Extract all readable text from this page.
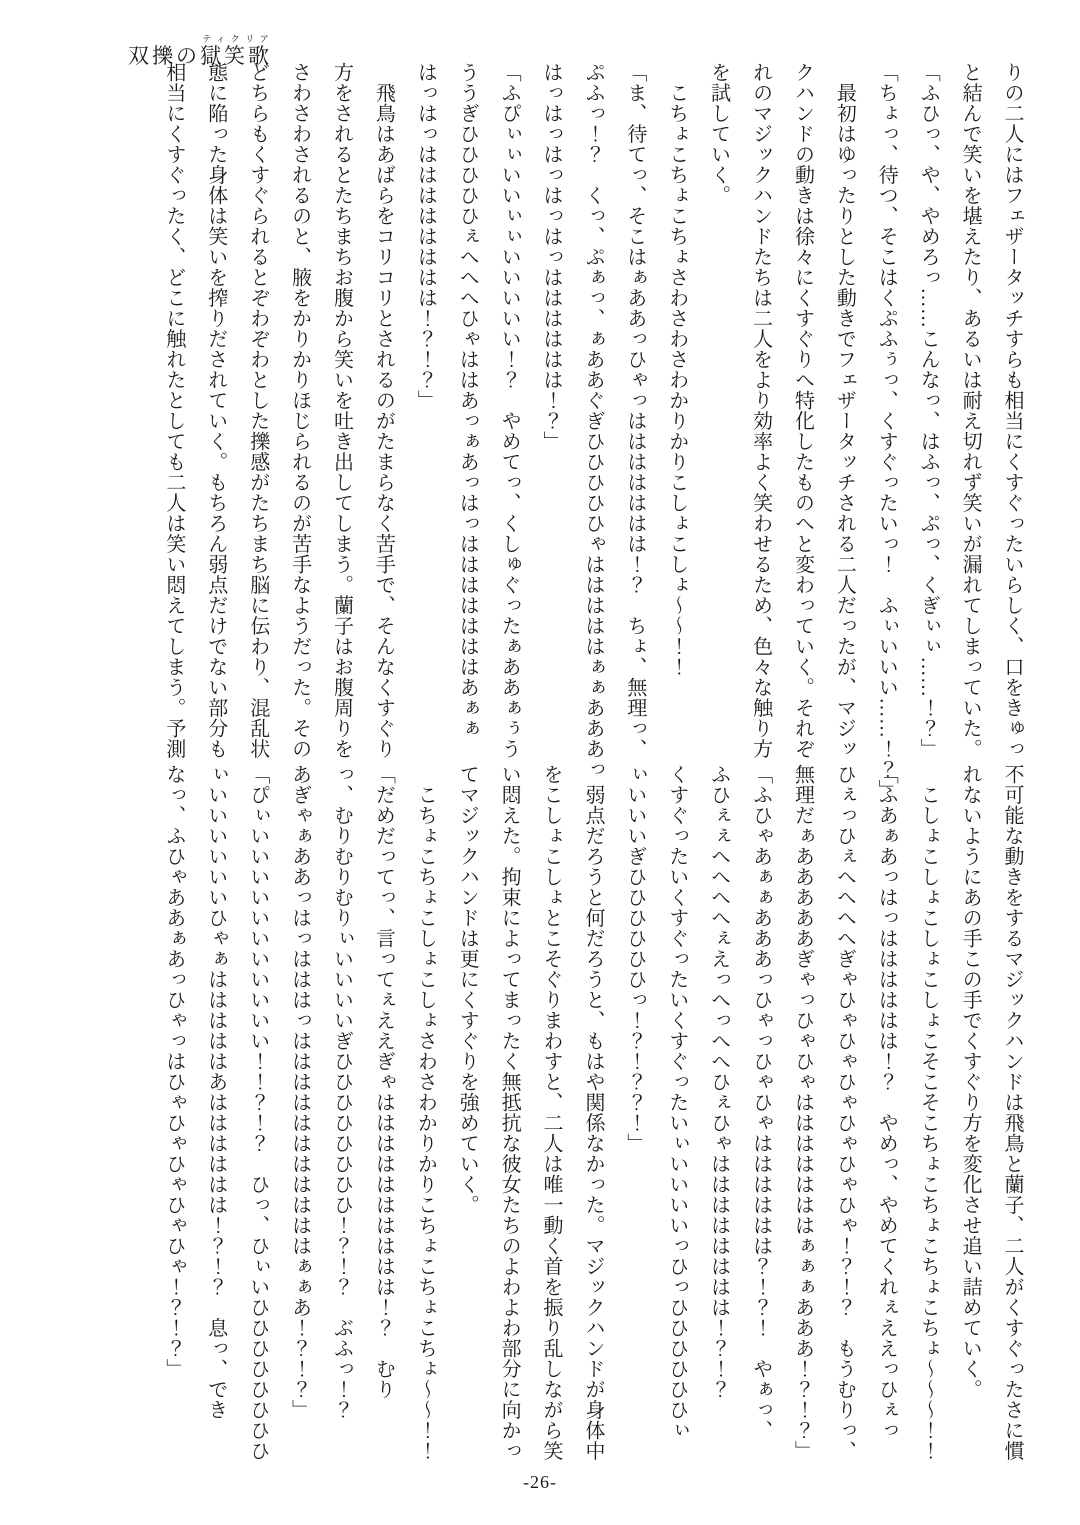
双擽の獄笑歌ティクリア
りの二人にはフェザータッチすらも相当にくすぐったいらしく、口をきゅっ
と結んで笑いを堪えたり、あるいは耐え切れず笑いが漏れてしまっていた。
「ふひっ、や、やめろっ……こんなっ、はふっ、ぷっ、くぎぃぃ……！？」
「ちょっ、待つ、そこはくぷふぅっ、くすぐったいっ！　ふぃいいい……！？」
　最初はゆったりとした動きでフェザータッチされる二人だったが、マジッ
クハンドの動きは徐々にくすぐりへ特化したものへと変わっていく。それぞ
れのマジックハンドたちは二人をより効率よく笑わせるため、色々な触り方
を試していく。
　こちょこちょこちょさわさわさわかりかりこしょこしょ～～！！
「ま、待てっ、そこはぁああっひゃっははははははは！？　ちょ、無理っ、
ぷふっ！？　くっ、ぷぁっ、ぁああぐぎひひひひひゃはははははぁぁあああっ
はっはっはっはっはっはははははは！？」
「ふぴぃぃいいぃぃいいいいい！？　やめてっ、くしゅぐったぁああぁぅう
ううぎひひひひひぇへへへひゃははあっぁあっはっはははははははあぁぁ
はっはっはははははははは！？！？」
　飛鳥はあばらをコリコリとされるのがたまらなく苦手で、そんなくすぐり
方をされるとたちまちお腹から笑いを吐き出してしまう。蘭子はお腹周りを
さわさわされるのと、腋をかりかりほじられるのが苦手なようだった。その
どちらもくすぐられるとぞわぞわとした擽感がたちまち脳に伝わり、混乱状
態に陥った身体は笑いを搾りだされていく。もちろん弱点だけでない部分も
相当にくすぐったく、どこに触れたとしても二人は笑い悶えてしまう。予測
不可能な動きをするマジックハンドは飛鳥と蘭子、二人がくすぐったさに慣
れないようにあの手この手でくすぐり方を変化させ追い詰めていく。
　こしょこしょこしょこしょこそこそこちょこちょこちょこちょ～～～！！
「ふあぁあっはっはははははは！？　やめっ、やめてくれぇええっひぇっ
ひぇっひぇへへへへぎゃひゃひゃひゃひゃひゃひゃ！？！？　もうむりっ、
無理だぁあああああぎゃっひゃひゃはははははははぁぁぁあああ！？！？」
「ふひゃあぁぁあああっひゃっひゃひゃはははははは？！？！　やぁっ、
ふひぇぇへへへへぇえっへっへへひぇひゃはははははははは！？！？
くすぐったいくすぐったいくすぐったいぃいいいいっひっひひひひひひぃ
ぃいいいぎひひひひひひっ！？！？？！」
　弱点だろうと何だろうと、もはや関係なかった。マジックハンドが身体中
をこしょこしょとこそぐりまわすと、二人は唯一動く首を振り乱しながら笑
い悶えた。拘束によってまったく無抵抗な彼女たちのよわよわ部分に向かっ
てマジックハンドは更にくすぐりを強めていく。
　こちょこちょこしょこしょさわさわかりかりこちょこちょこちょ～～！！
「だめだってっ、言ってぇええぎゃはははははははははは！？　むり
っ、むりむりむりぃいいいいぎひひひひひひひひ！？！？　ぶふっ！？
あぎゃぁああっはっはははっはははははははははははぁぁあ！？！？」
「ぴぃいいいいいいいいいいい！！？！？　ひっ、ひぃいひひひひひひひひ
ぃいいいいいいひゃぁはははははあはははははは！？！？　息っ、でき
なっ、ふひゃああぁあっひゃっはひゃひゃひゃひゃひゃ！？！？」
-26-
